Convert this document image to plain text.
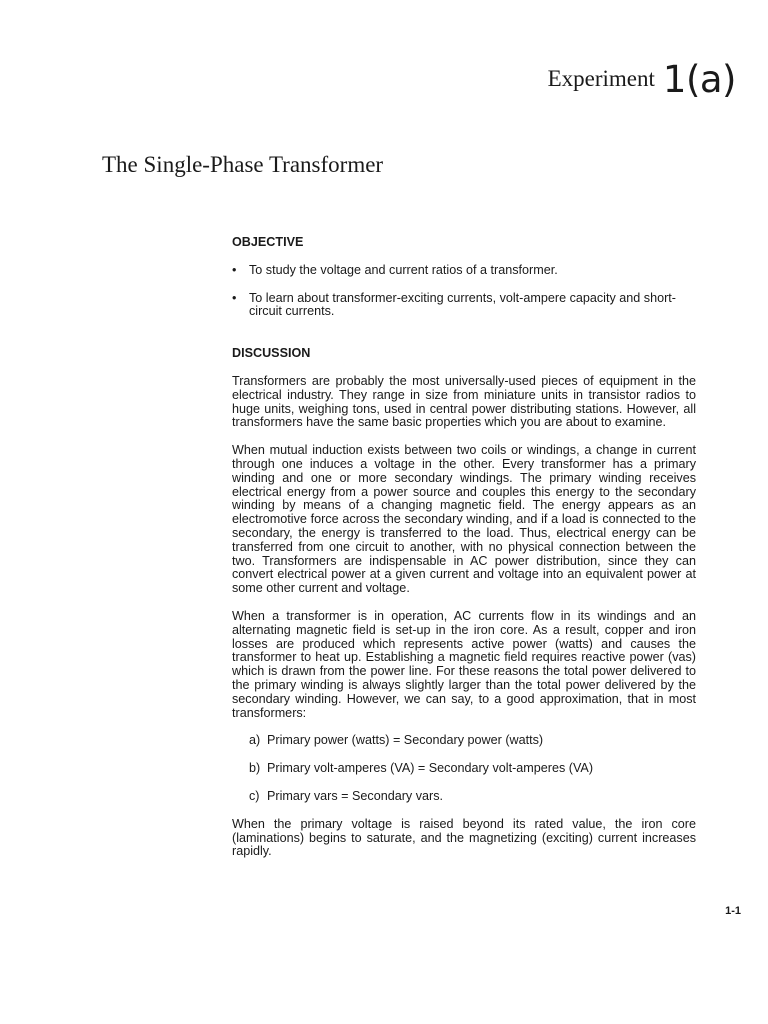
Experiment 1(a)
The Single-Phase Transformer
OBJECTIVE
• To study the voltage and current ratios of a transformer.
• To learn about transformer-exciting currents, volt-ampere capacity and short-circuit currents.
DISCUSSION

Transformers are probably the most universally-used pieces of equipment in the electrical industry. They range in size from miniature units in transistor radios to huge units, weighing tons, used in central power distributing stations. However, all transformers have the same basic properties which you are about to examine.

When mutual induction exists between two coils or windings, a change in current through one induces a voltage in the other. Every transformer has a primary winding and one or more secondary windings. The primary winding receives electrical energy from a power source and couples this energy to the secondary winding by means of a changing magnetic field. The energy appears as an electromotive force across the secondary winding, and if a load is connected to the secondary, the energy is transferred to the load. Thus, electrical energy can be transferred from one circuit to another, with no physical connection between the two. Transformers are indispensable in AC power distribution, since they can convert electrical power at a given current and voltage into an equivalent power at some other current and voltage.

When a transformer is in operation, AC currents flow in its windings and an alternating magnetic field is set-up in the iron core. As a result, copper and iron losses are produced which represents active power (watts) and causes the transformer to heat up. Establishing a magnetic field requires reactive power (vas) which is drawn from the power line. For these reasons the total power delivered to the primary winding is always slightly larger than the total power delivered by the secondary winding. However, we can say, to a good approximation, that in most transformers:

a) Primary power (watts) = Secondary power (watts)
b) Primary volt-amperes (VA) = Secondary volt-amperes (VA)
c) Primary vars = Secondary vars.

When the primary voltage is raised beyond its rated value, the iron core (laminations) begins to saturate, and the magnetizing (exciting) current increases rapidly.

1-1
